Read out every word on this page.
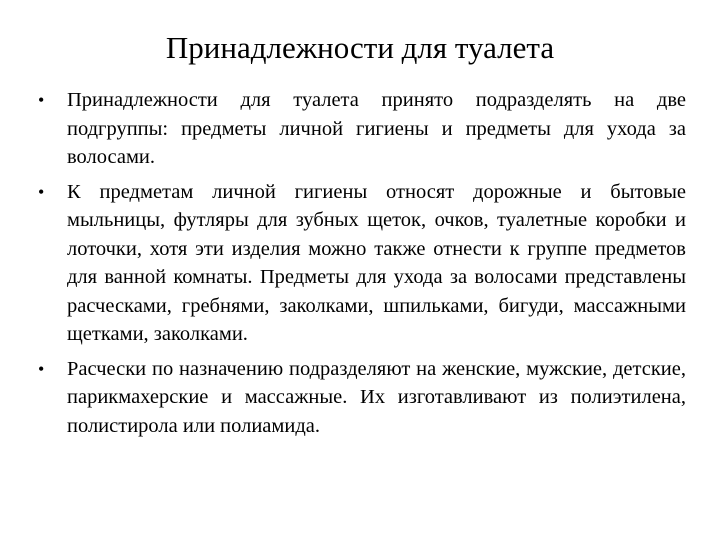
Принадлежности для туалета
• Принадлежности для туалета принято подразделять на две подгруппы: предметы личной гигиены и предметы для ухода за волосами.
• К предметам личной гигиены относят дорожные и бытовые мыльницы, футляры для зубных щеток, очков, туалетные коробки и лоточки, хотя эти изделия можно также отнести к группе предметов для ванной комнаты. Предметы для ухода за волосами представлены расческами, гребнями, заколками, шпильками, бигуди, массажными щетками, заколками.
• Расчески по назначению подразделяют на женские, мужские, детские, парикмахерские и массажные. Их изготавливают из полиэтилена, полистирола или полиамида.
